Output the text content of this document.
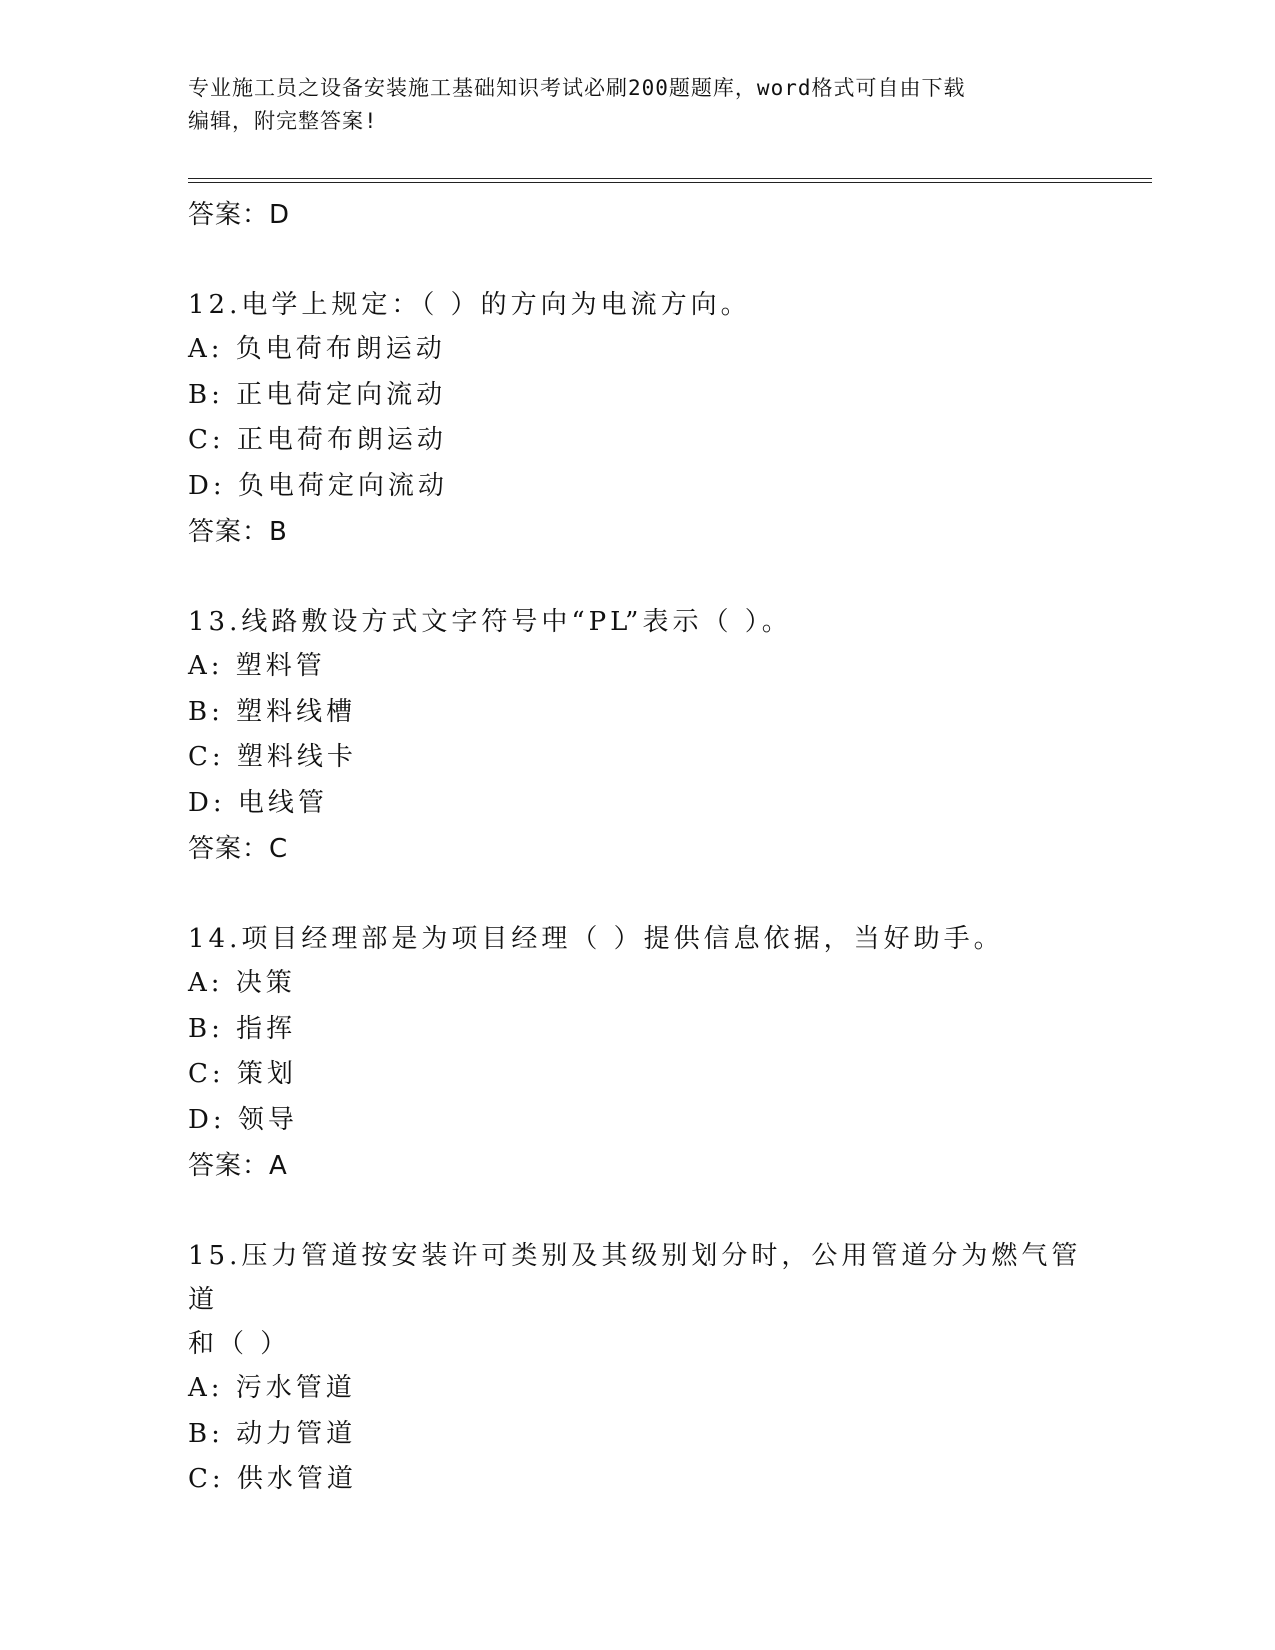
专业施工员之设备安装施工基础知识考试必刷200题题库，word格式可自由下载
编辑，附完整答案!
答案：D
12.电学上规定：（ ）的方向为电流方向。
A: 负电荷布朗运动
B: 正电荷定向流动
C: 正电荷布朗运动
D: 负电荷定向流动
答案：B
13.线路敷设方式文字符号中“PL”表示（ ）。
A: 塑料管
B: 塑料线槽
C: 塑料线卡
D: 电线管
答案：C
14.项目经理部是为项目经理（ ）提供信息依据，当好助手。
A: 决策
B: 指挥
C: 策划
D: 领导
答案：A
15.压力管道按安装许可类别及其级别划分时，公用管道分为燃气管道
和（ ）
A: 污水管道
B: 动力管道
C: 供水管道
